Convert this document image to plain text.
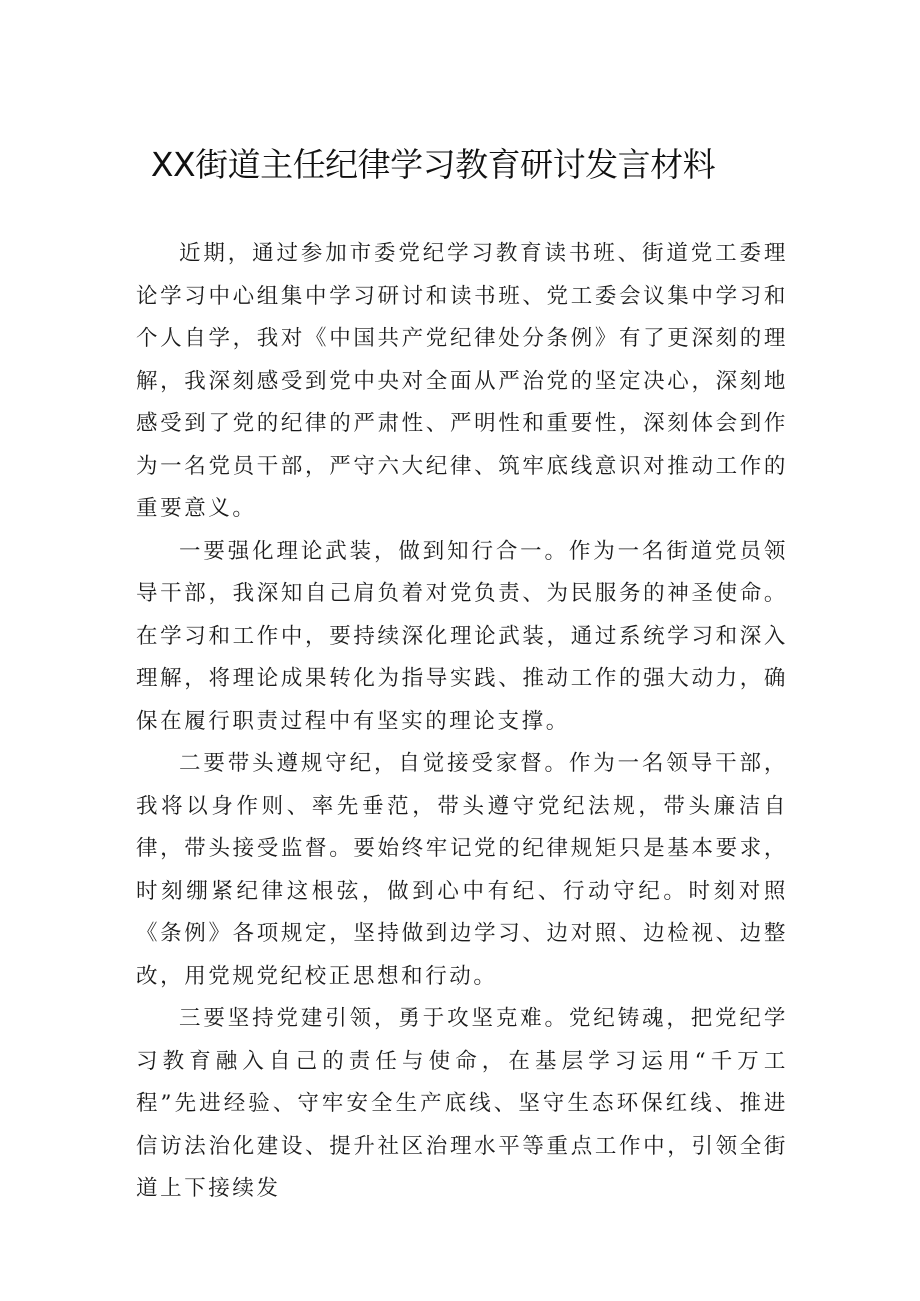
XX街道主任纪律学习教育研讨发言材料

近期，通过参加市委党纪学习教育读书班、街道党工委理论学习中心组集中学习研讨和读书班、党工委会议集中学习和个人自学，我对《中国共产党纪律处分条例》有了更深刻的理解，我深刻感受到党中央对全面从严治党的坚定决心，深刻地感受到了党的纪律的严肃性、严明性和重要性，深刻体会到作为一名党员干部，严守六大纪律、筑牢底线意识对推动工作的重要意义。

一要强化理论武装，做到知行合一。作为一名街道党员领导干部，我深知自己肩负着对党负责、为民服务的神圣使命。在学习和工作中，要持续深化理论武装，通过系统学习和深入理解，将理论成果转化为指导实践、推动工作的强大动力，确保在履行职责过程中有坚实的理论支撑。

二要带头遵规守纪，自觉接受家督。作为一名领导干部，我将以身作则、率先垂范，带头遵守党纪法规，带头廉洁自律，带头接受监督。要始终牢记党的纪律规矩只是基本要求，时刻绷紧纪律这根弦，做到心中有纪、行动守纪。时刻对照《条例》各项规定，坚持做到边学习、边对照、边检视、边整改，用党规党纪校正思想和行动。

三要坚持党建引领，勇于攻坚克难。党纪铸魂，把党纪学习教育融入自己的责任与使命，在基层学习运用“千万工程”先进经验、守牢安全生产底线、坚守生态环保红线、推进信访法治化建设、提升社区治理水平等重点工作中，引领全街道上下接续发
